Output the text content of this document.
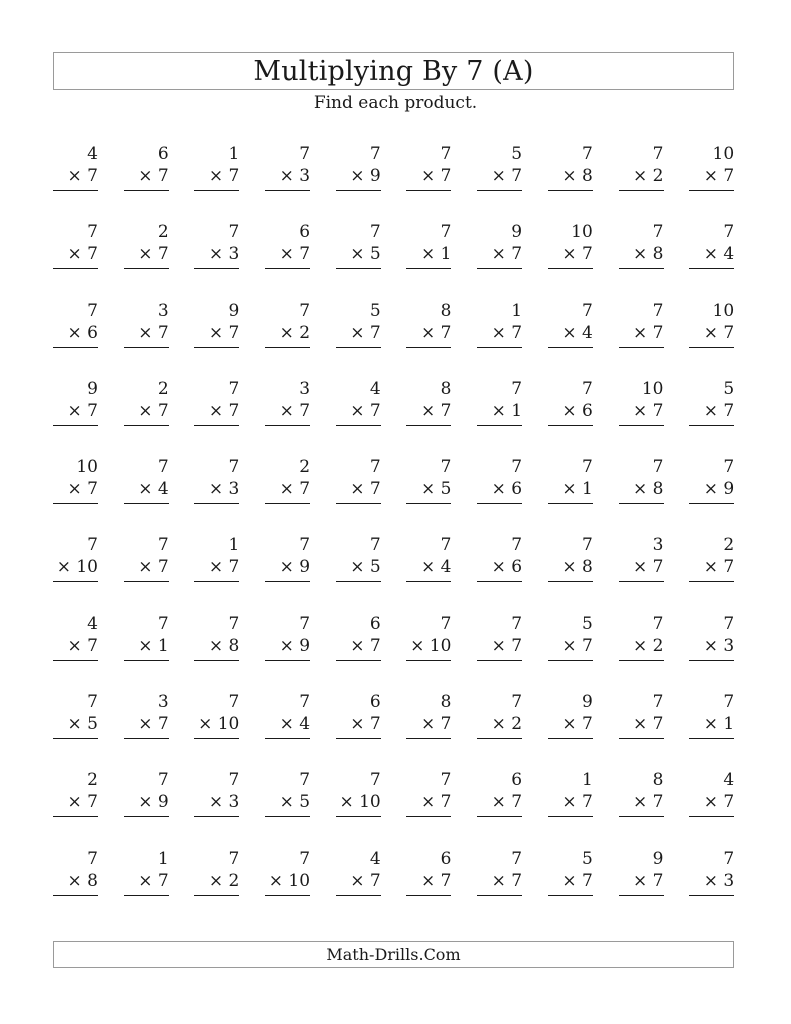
Multiplying By 7 (A)
Find each product.
4
× 7
6
× 7
1
× 7
7
× 3
7
× 9
7
× 7
5
× 7
7
× 8
7
× 2
10
× 7
7
× 7
2
× 7
7
× 3
6
× 7
7
× 5
7
× 1
9
× 7
10
× 7
7
× 8
7
× 4
7
× 6
3
× 7
9
× 7
7
× 2
5
× 7
8
× 7
1
× 7
7
× 4
7
× 7
10
× 7
9
× 7
2
× 7
7
× 7
3
× 7
4
× 7
8
× 7
7
× 1
7
× 6
10
× 7
5
× 7
10
× 7
7
× 4
7
× 3
2
× 7
7
× 7
7
× 5
7
× 6
7
× 1
7
× 8
7
× 9
7
× 10
7
× 7
1
× 7
7
× 9
7
× 5
7
× 4
7
× 6
7
× 8
3
× 7
2
× 7
4
× 7
7
× 1
7
× 8
7
× 9
6
× 7
7
× 10
7
× 7
5
× 7
7
× 2
7
× 3
7
× 5
3
× 7
7
× 10
7
× 4
6
× 7
8
× 7
7
× 2
9
× 7
7
× 7
7
× 1
2
× 7
7
× 9
7
× 3
7
× 5
7
× 10
7
× 7
6
× 7
1
× 7
8
× 7
4
× 7
7
× 8
1
× 7
7
× 2
7
× 10
4
× 7
6
× 7
7
× 7
5
× 7
9
× 7
7
× 3
Math-Drills.Com
